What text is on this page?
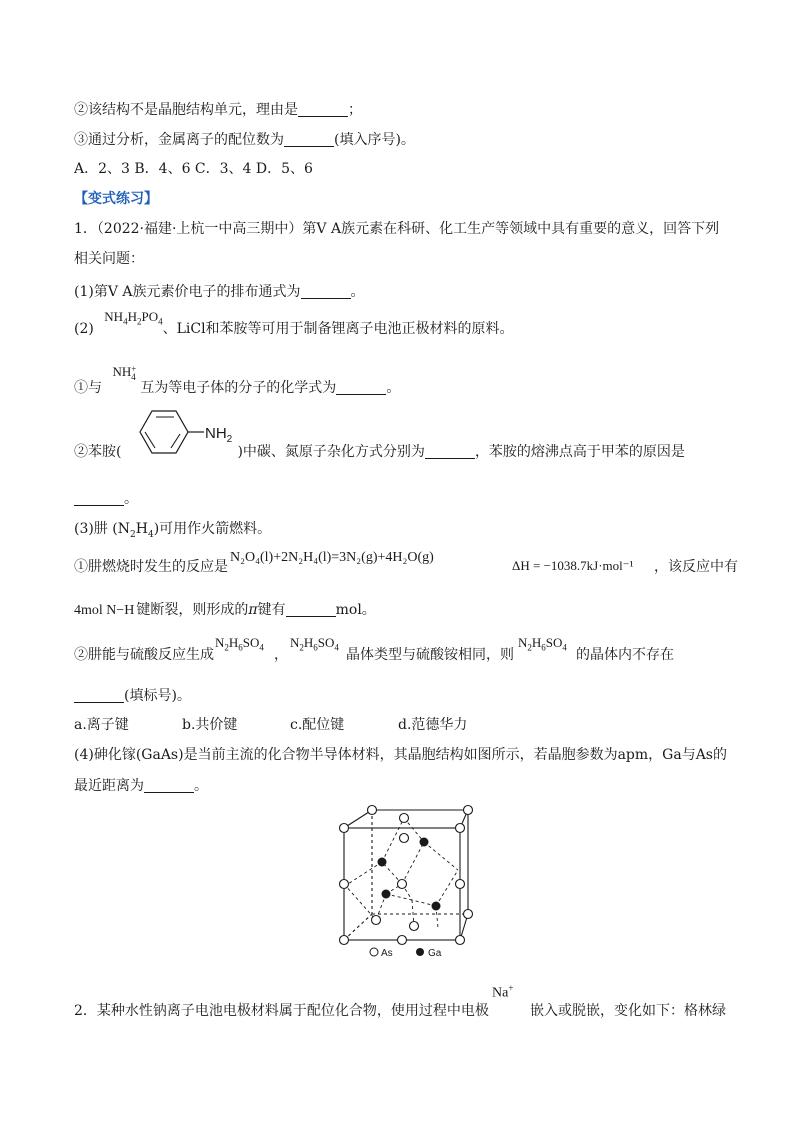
②该结构不是晶胞结构单元，理由是	；
③通过分析，金属离子的配位数为	(填入序号)。
A．2、3 B．4、6 C．3、4 D．5、6
【变式练习】
1．（2022·福建·上杭一中高三期中）第Ⅴ A族元素在科研、化工生产等领域中具有重要的意义，回答下列
相关问题：
(1)第Ⅴ A族元素价电子的排布通式为	。
(2) $NH_4H_2PO_4$、LiCl和苯胺等可用于制备锂离子电池正极材料的原料。
①与 NH+
4互为等电子体的分子的化学式为	。
②苯胺(	)中碳、氮原子杂化方式分别为	，苯胺的熔沸点高于甲苯的原因是
$NH_2$
。
(3)肼 $(N_2H_4)$可用作火箭燃料。
①肼燃烧时发生的反应是
N₂O₄(l)+2N₂H₄(l)=3N₂(g)+4H₂O(g)
ΔH = −1038.7kJ·mol⁻¹ ，该反应中有
4mol N−H 键断裂，则形成的π键有	mol。
②肼能与硫酸反应生成
$N_2H_6SO_4$ ，
$N_2H_6SO_4$ 晶体类型与硫酸铵相同，则
$N_2H_6SO_4$ 的晶体内不存在
(填标号)。
a.离子键	b.共价键	c.配位键	d.范德华力
(4)砷化镓(GaAs)是当前主流的化合物半导体材料，其晶胞结构如图所示，若晶胞参数为apm，Ga与As的
最近距离为	。
As	Ga
2．某种水性钠离子电池电极材料属于配位化合物，使用过程中电极
Na+
嵌入或脱嵌，变化如下：格林绿
